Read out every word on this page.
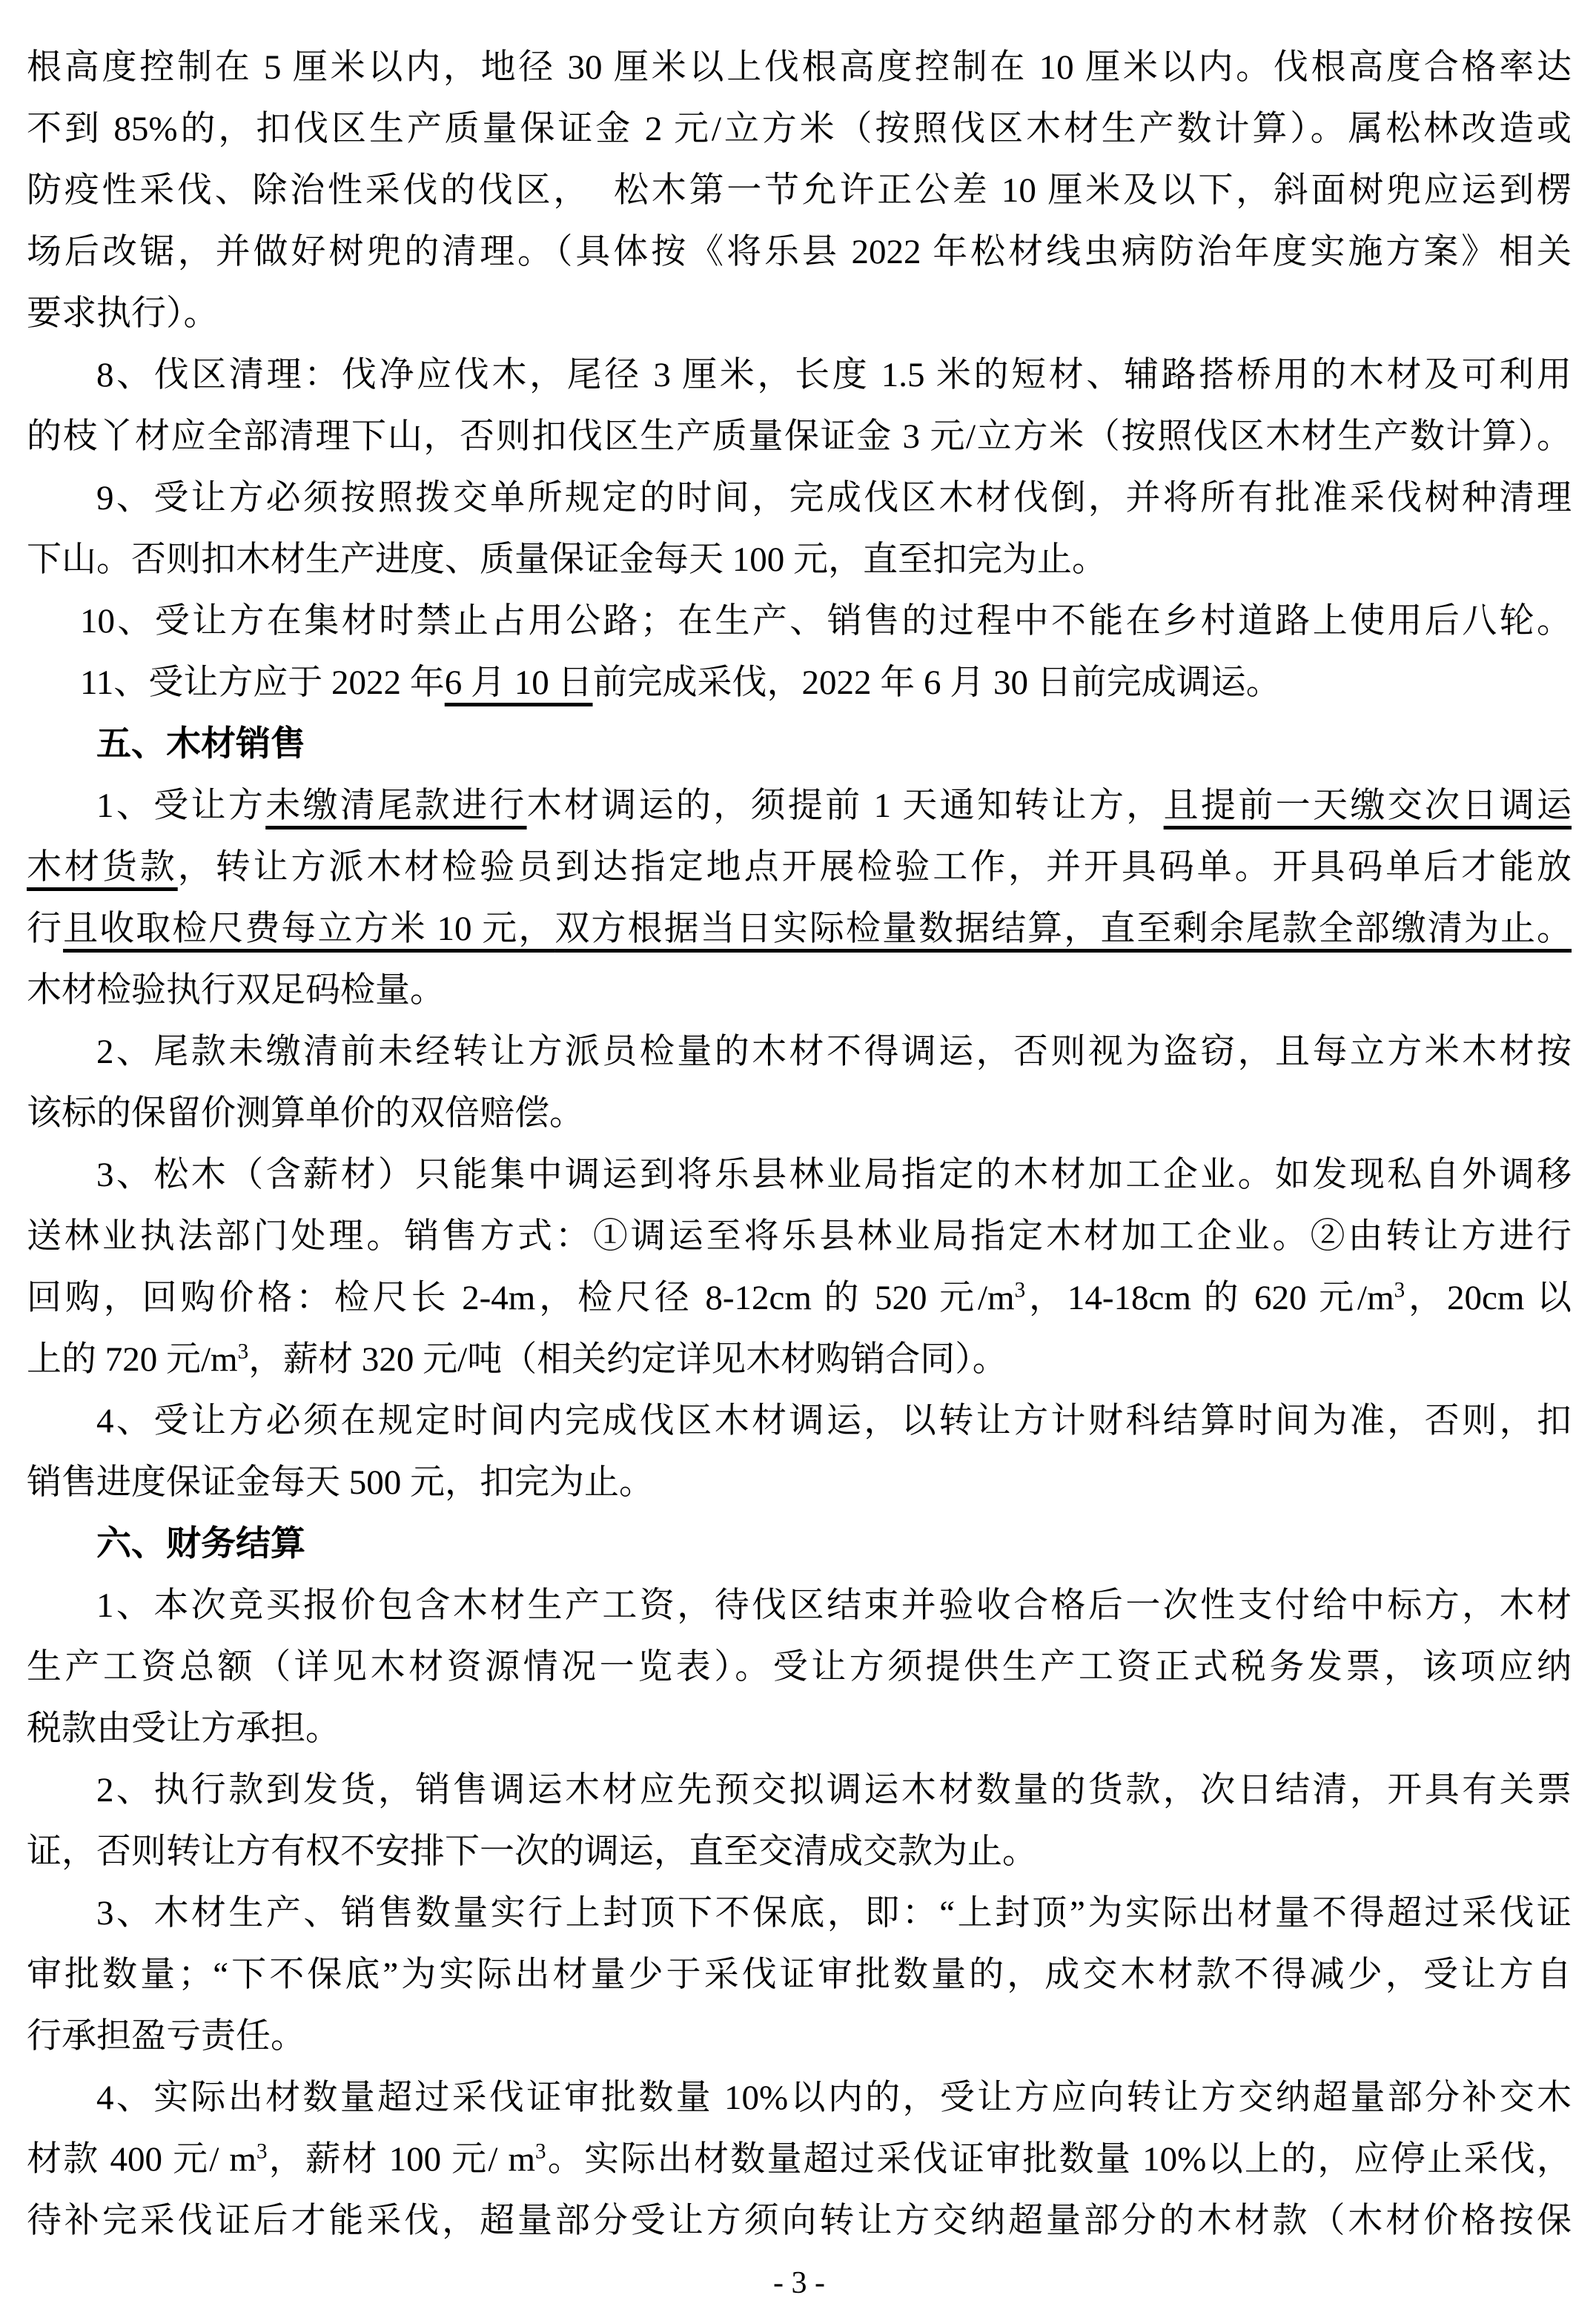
根高度控制在 5 厘米以内，地径 30 厘米以上伐根高度控制在 10 厘米以内。伐根高度合格率达
不到 85%的，扣伐区生产质量保证金 2 元/立方米（按照伐区木材生产数计算）。属松林改造或
防疫性采伐、除治性采伐的伐区，  松木第一节允许正公差 10 厘米及以下，斜面树兜应运到楞
场后改锯，并做好树兜的清理。（具体按《将乐县 2022 年松材线虫病防治年度实施方案》相关
要求执行）。
8、伐区清理：伐净应伐木，尾径 3 厘米，长度 1.5 米的短材、辅路搭桥用的木材及可利用
的枝丫材应全部清理下山，否则扣伐区生产质量保证金 3 元/立方米（按照伐区木材生产数计算）。
9、受让方必须按照拨交单所规定的时间，完成伐区木材伐倒，并将所有批准采伐树种清理
下山。否则扣木材生产进度、质量保证金每天 100 元，直至扣完为止。
10、受让方在集材时禁止占用公路；在生产、销售的过程中不能在乡村道路上使用后八轮。
11、受让方应于 2022 年6 月 10 日前完成采伐，2022 年 6 月 30 日前完成调运。
五、木材销售
1、受让方未缴清尾款进行木材调运的，须提前 1 天通知转让方，且提前一天缴交次日调运
木材货款，转让方派木材检验员到达指定地点开展检验工作，并开具码单。开具码单后才能放
行且收取检尺费每立方米 10 元，双方根据当日实际检量数据结算，直至剩余尾款全部缴清为止。
木材检验执行双足码检量。
2、尾款未缴清前未经转让方派员检量的木材不得调运，否则视为盗窃，且每立方米木材按
该标的保留价测算单价的双倍赔偿。
3、松木（含薪材）只能集中调运到将乐县林业局指定的木材加工企业。如发现私自外调移
送林业执法部门处理。销售方式：①调运至将乐县林业局指定木材加工企业。②由转让方进行
回购，回购价格：检尺长 2-4m，检尺径 8-12cm 的 520 元$/m^3$，14-18cm 的 620 元$/m^3$，20cm 以
上的 720 元$/m^3$，薪材 320 元/吨（相关约定详见木材购销合同）。
4、受让方必须在规定时间内完成伐区木材调运，以转让方计财科结算时间为准，否则，扣
销售进度保证金每天 500 元，扣完为止。
六、财务结算
1、本次竞买报价包含木材生产工资，待伐区结束并验收合格后一次性支付给中标方，木材
生产工资总额（详见木材资源情况一览表）。受让方须提供生产工资正式税务发票，该项应纳
税款由受让方承担。
2、执行款到发货，销售调运木材应先预交拟调运木材数量的货款，次日结清，开具有关票
证，否则转让方有权不安排下一次的调运，直至交清成交款为止。
3、木材生产、销售数量实行上封顶下不保底，即：“上封顶”为实际出材量不得超过采伐证
审批数量；“下不保底”为实际出材量少于采伐证审批数量的，成交木材款不得减少，受让方自
行承担盈亏责任。
4、实际出材数量超过采伐证审批数量 10%以内的，受让方应向转让方交纳超量部分补交木
材款 400 元/ $m^3$，薪材 100 元/ $m^3$。实际出材数量超过采伐证审批数量 10%以上的，应停止采伐，
待补完采伐证后才能采伐，超量部分受让方须向转让方交纳超量部分的木材款（木材价格按保
- 3 -
